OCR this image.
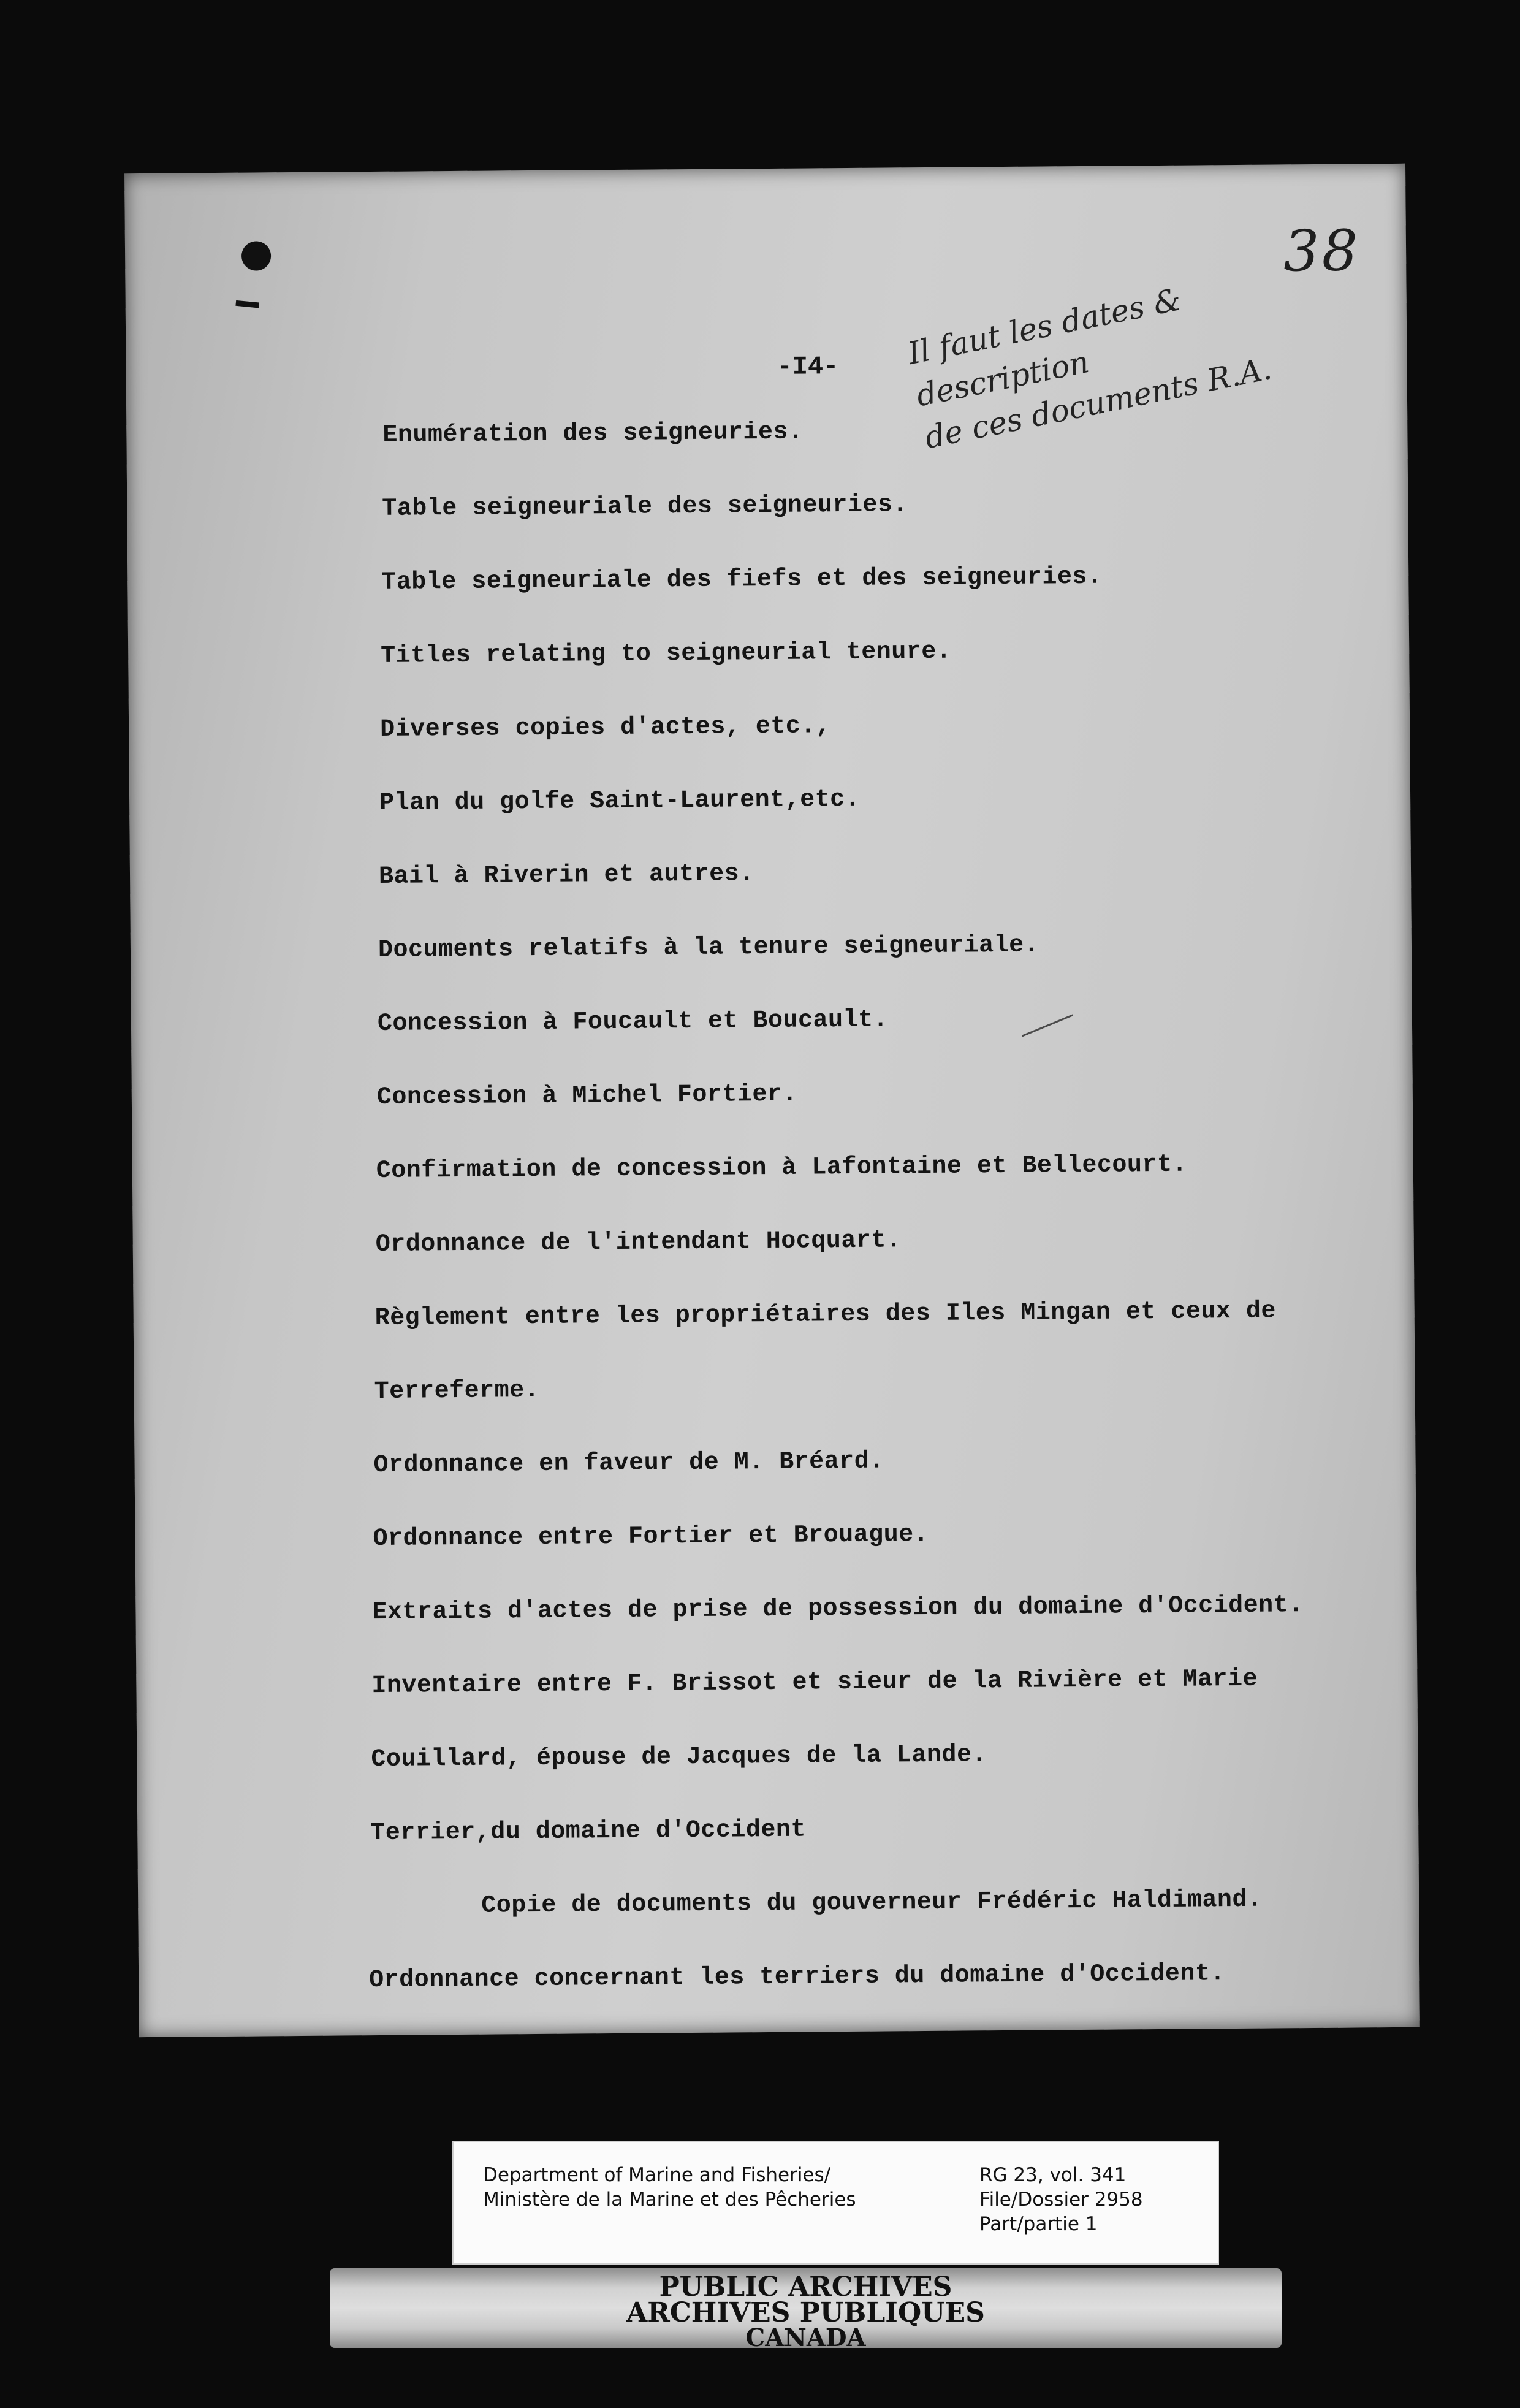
38
-I4- Il faut les dates & description
de ces documents R.A.
Enumération des seigneuries.
Table seigneuriale des seigneuries.
Table seigneuriale des fiefs et des seigneuries.
Titles relating to seigneurial tenure.
Diverses copies d'actes, etc.,
Plan du golfe Saint-Laurent,etc.
Bail à Riverin et autres.
Documents relatifs à la tenure seigneuriale.
Concession à Foucault et Boucault.
Concession à Michel Fortier.
Confirmation de concession à Lafontaine et Bellecourt.
Ordonnance de l'intendant Hocquart.
Règlement entre les propriétaires des Iles Mingan et ceux de
Terreferme.
Ordonnance en faveur de M. Bréard.
Ordonnance entre Fortier et Brouague.
Extraits d'actes de prise de possession du domaine d'Occident.
Inventaire entre F. Brissot et sieur de la Rivière et Marie
Couillard, épouse de Jacques de la Lande.
Terrier,du domaine d'Occident
Copie de documents du gouverneur Frédéric Haldimand.
Ordonnance concernant les terriers du domaine d'Occident.
Department of Marine and Fisheries/
Ministère de la Marine et des Pêcheries
RG 23, vol. 341
File/Dossier 2958
Part/partie 1
PUBLIC ARCHIVES
ARCHIVES PUBLIQUES
CANADA
